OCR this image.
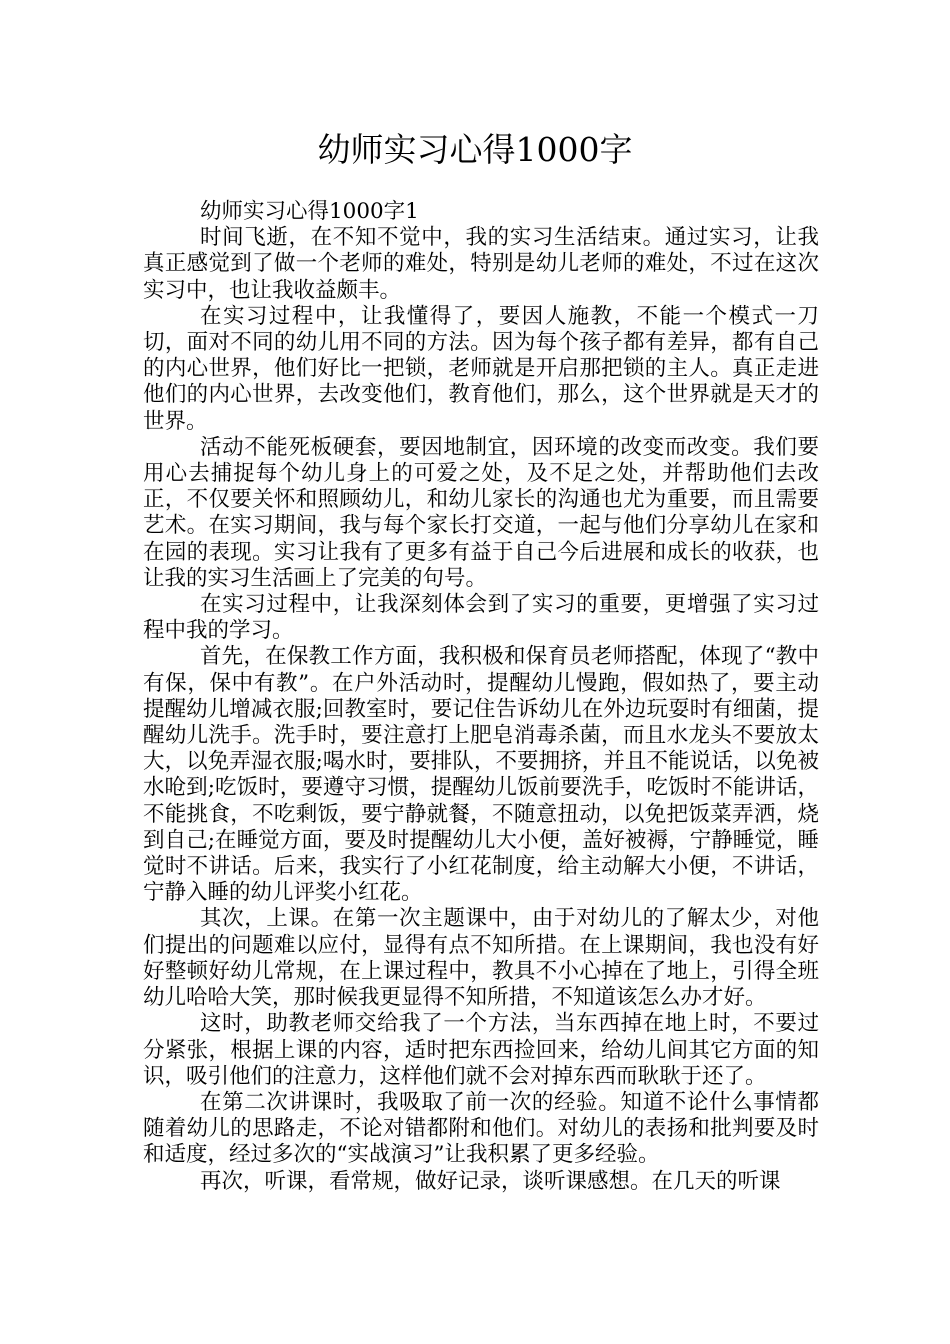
幼师实习心得1000字

幼师实习心得1000字1

时间飞逝，在不知不觉中，我的实习生活结束。通过实习，让我真正感觉到了做一个老师的难处，特别是幼儿老师的难处，不过在这次实习中，也让我收益颇丰。

在实习过程中，让我懂得了，要因人施教，不能一个模式一刀切，面对不同的幼儿用不同的方法。因为每个孩子都有差异，都有自己的内心世界，他们好比一把锁，老师就是开启那把锁的主人。真正走进他们的内心世界，去改变他们，教育他们，那么，这个世界就是天才的世界。

活动不能死板硬套，要因地制宜，因环境的改变而改变。我们要用心去捕捉每个幼儿身上的可爱之处，及不足之处，并帮助他们去改正，不仅要关怀和照顾幼儿，和幼儿家长的沟通也尤为重要，而且需要艺术。在实习期间，我与每个家长打交道，一起与他们分享幼儿在家和在园的表现。实习让我有了更多有益于自己今后进展和成长的收获，也让我的实习生活画上了完美的句号。

在实习过程中，让我深刻体会到了实习的重要，更增强了实习过程中我的学习。

首先，在保教工作方面，我积极和保育员老师搭配，体现了“教中有保，保中有教”。在户外活动时，提醒幼儿慢跑，假如热了，要主动提醒幼儿增减衣服;回教室时，要记住告诉幼儿在外边玩耍时有细菌，提醒幼儿洗手。洗手时，要注意打上肥皂消毒杀菌，而且水龙头不要放太大，以免弄湿衣服;喝水时，要排队，不要拥挤，并且不能说话，以免被水呛到;吃饭时，要遵守习惯，提醒幼儿饭前要洗手，吃饭时不能讲话，不能挑食，不吃剩饭，要宁静就餐，不随意扭动，以免把饭菜弄洒，烧到自己;在睡觉方面，要及时提醒幼儿大小便，盖好被褥，宁静睡觉，睡觉时不讲话。后来，我实行了小红花制度，给主动解大小便，不讲话，宁静入睡的幼儿评奖小红花。

其次，上课。在第一次主题课中，由于对幼儿的了解太少，对他们提出的问题难以应付，显得有点不知所措。在上课期间，我也没有好好整顿好幼儿常规，在上课过程中，教具不小心掉在了地上，引得全班幼儿哈哈大笑，那时候我更显得不知所措，不知道该怎么办才好。

这时，助教老师交给我了一个方法，当东西掉在地上时，不要过分紧张，根据上课的内容，适时把东西捡回来，给幼儿间其它方面的知识，吸引他们的注意力，这样他们就不会对掉东西而耿耿于还了。

在第二次讲课时，我吸取了前一次的经验。知道不论什么事情都随着幼儿的思路走，不论对错都附和他们。对幼儿的表扬和批判要及时和适度，经过多次的“实战演习”让我积累了更多经验。

再次，听课，看常规，做好记录，谈听课感想。在几天的听课
